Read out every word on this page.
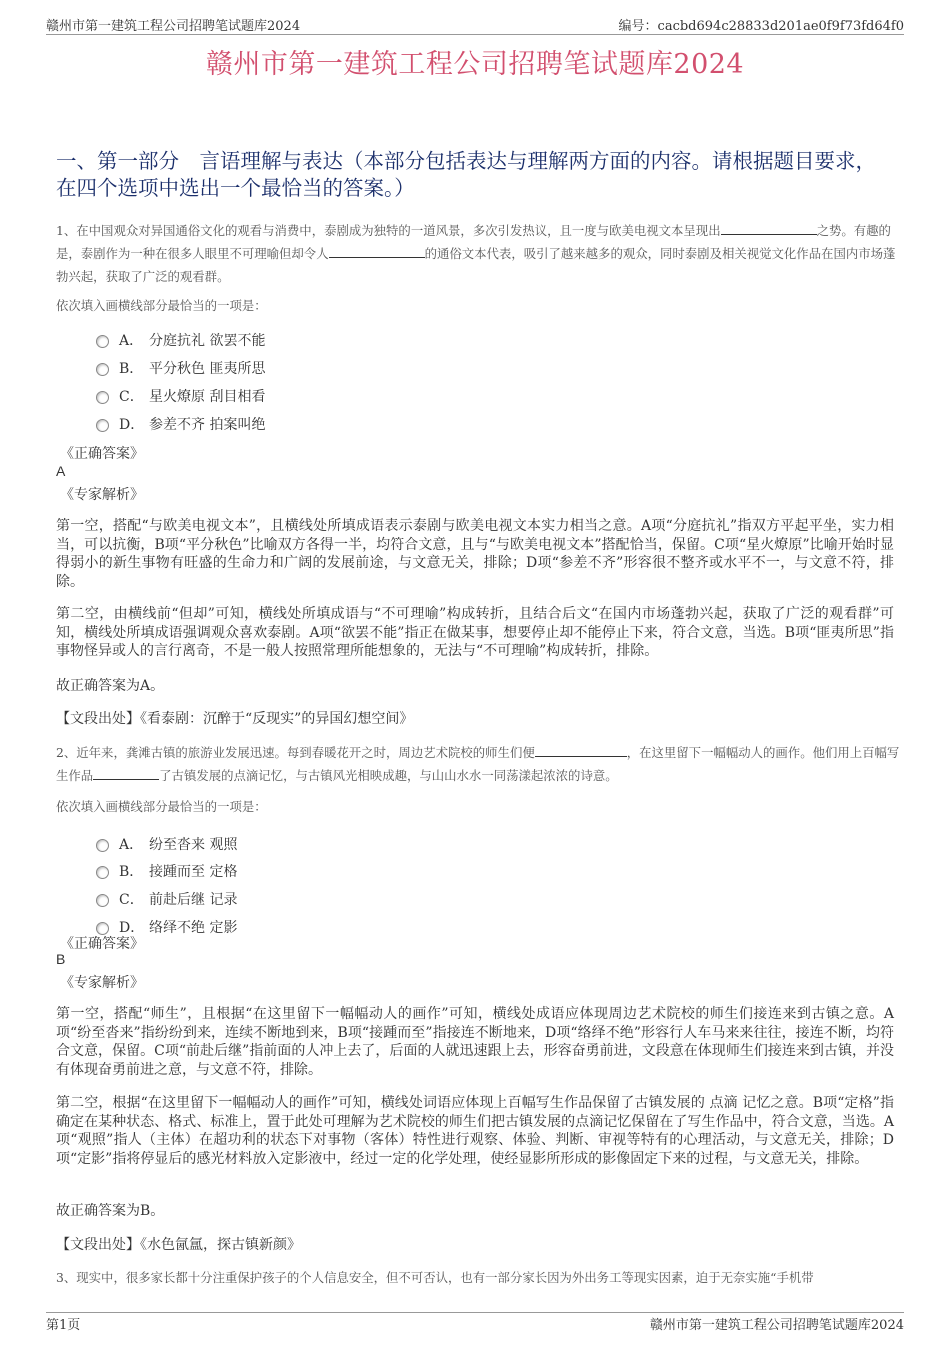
赣州市第一建筑工程公司招聘笔试题库2024	编号：cacbd694c28833d201ae0f9f73fd64f0
赣州市第一建筑工程公司招聘笔试题库2024
一、第一部分　言语理解与表达（本部分包括表达与理解两方面的内容。请根据题目要求，在四个选项中选出一个最恰当的答案。）
1、在中国观众对异国通俗文化的观看与消费中，泰剧成为独特的一道风景，多次引发热议，且一度与欧美电视文本呈现出	之势。有趣的是，泰剧作为一种在很多人眼里不可理喻但却令人	的通俗文本代表，吸引了越来越多的观众，同时泰剧及相关视觉文化作品在国内市场蓬勃兴起，获取了广泛的观看群。
依次填入画横线部分最恰当的一项是：
A． 分庭抗礼 欲罢不能
B． 平分秋色 匪夷所思
C． 星火燎原 刮目相看
D． 参差不齐 拍案叫绝
《正确答案》
A
《专家解析》
第一空，搭配“与欧美电视文本”，且横线处所填成语表示泰剧与欧美电视文本实力相当之意。A项“分庭抗礼”指双方平起平坐，实力相当，可以抗衡，B项“平分秋色”比喻双方各得一半，均符合文意，且与“与欧美电视文本”搭配恰当，保留。C项“星火燎原”比喻开始时显得弱小的新生事物有旺盛的生命力和广阔的发展前途，与文意无关，排除；D项“参差不齐”形容很不整齐或水平不一，与文意不符，排除。
第二空，由横线前“但却”可知，横线处所填成语与“不可理喻”构成转折，且结合后文“在国内市场蓬勃兴起，获取了广泛的观看群”可知，横线处所填成语强调观众喜欢泰剧。A项“欲罢不能”指正在做某事，想要停止却不能停止下来，符合文意，当选。B项“匪夷所思”指事物怪异或人的言行离奇，不是一般人按照常理所能想象的，无法与“不可理喻”构成转折，排除。
故正确答案为A。
【文段出处】《看泰剧：沉醉于“反现实”的异国幻想空间》
2、近年来，龚滩古镇的旅游业发展迅速。每到春暖花开之时，周边艺术院校的师生们便	，在这里留下一幅幅动人的画作。他们用上百幅写生作品	了古镇发展的点滴记忆，与古镇风光相映成趣，与山山水水一同荡漾起浓浓的诗意。
依次填入画横线部分最恰当的一项是：
A． 纷至沓来 观照
B． 接踵而至 定格
C． 前赴后继 记录
D． 络绎不绝 定影
《正确答案》
B
《专家解析》
第一空，搭配“师生”，且根据“在这里留下一幅幅动人的画作”可知，横线处成语应体现周边艺术院校的师生们接连来到古镇之意。A项“纷至沓来”指纷纷到来，连续不断地到来，B项“接踵而至”指接连不断地来，D项“络绎不绝”形容行人车马来来往往，接连不断，均符合文意，保留。C项“前赴后继”指前面的人冲上去了，后面的人就迅速跟上去，形容奋勇前进，文段意在体现师生们接连来到古镇，并没有体现奋勇前进之意，与文意不符，排除。
第二空，根据“在这里留下一幅幅动人的画作”可知，横线处词语应体现上百幅写生作品保留了古镇发展的 点滴 记忆之意。B项“定格”指确定在某种状态、格式、标准上，置于此处可理解为艺术院校的师生们把古镇发展的点滴记忆保留在了写生作品中，符合文意，当选。A项“观照”指人（主体）在超功利的状态下对事物（客体）特性进行观察、体验、判断、审视等特有的心理活动，与文意无关，排除；D项“定影”指将停显后的感光材料放入定影液中，经过一定的化学处理，使经显影所形成的影像固定下来的过程，与文意无关，排除。
故正确答案为B。
【文段出处】《水色氤氲，探古镇新颜》
3、现实中，很多家长都十分注重保护孩子的个人信息安全，但不可否认，也有一部分家长因为外出务工等现实因素，迫于无奈实施“手机带
第1页	赣州市第一建筑工程公司招聘笔试题库2024
